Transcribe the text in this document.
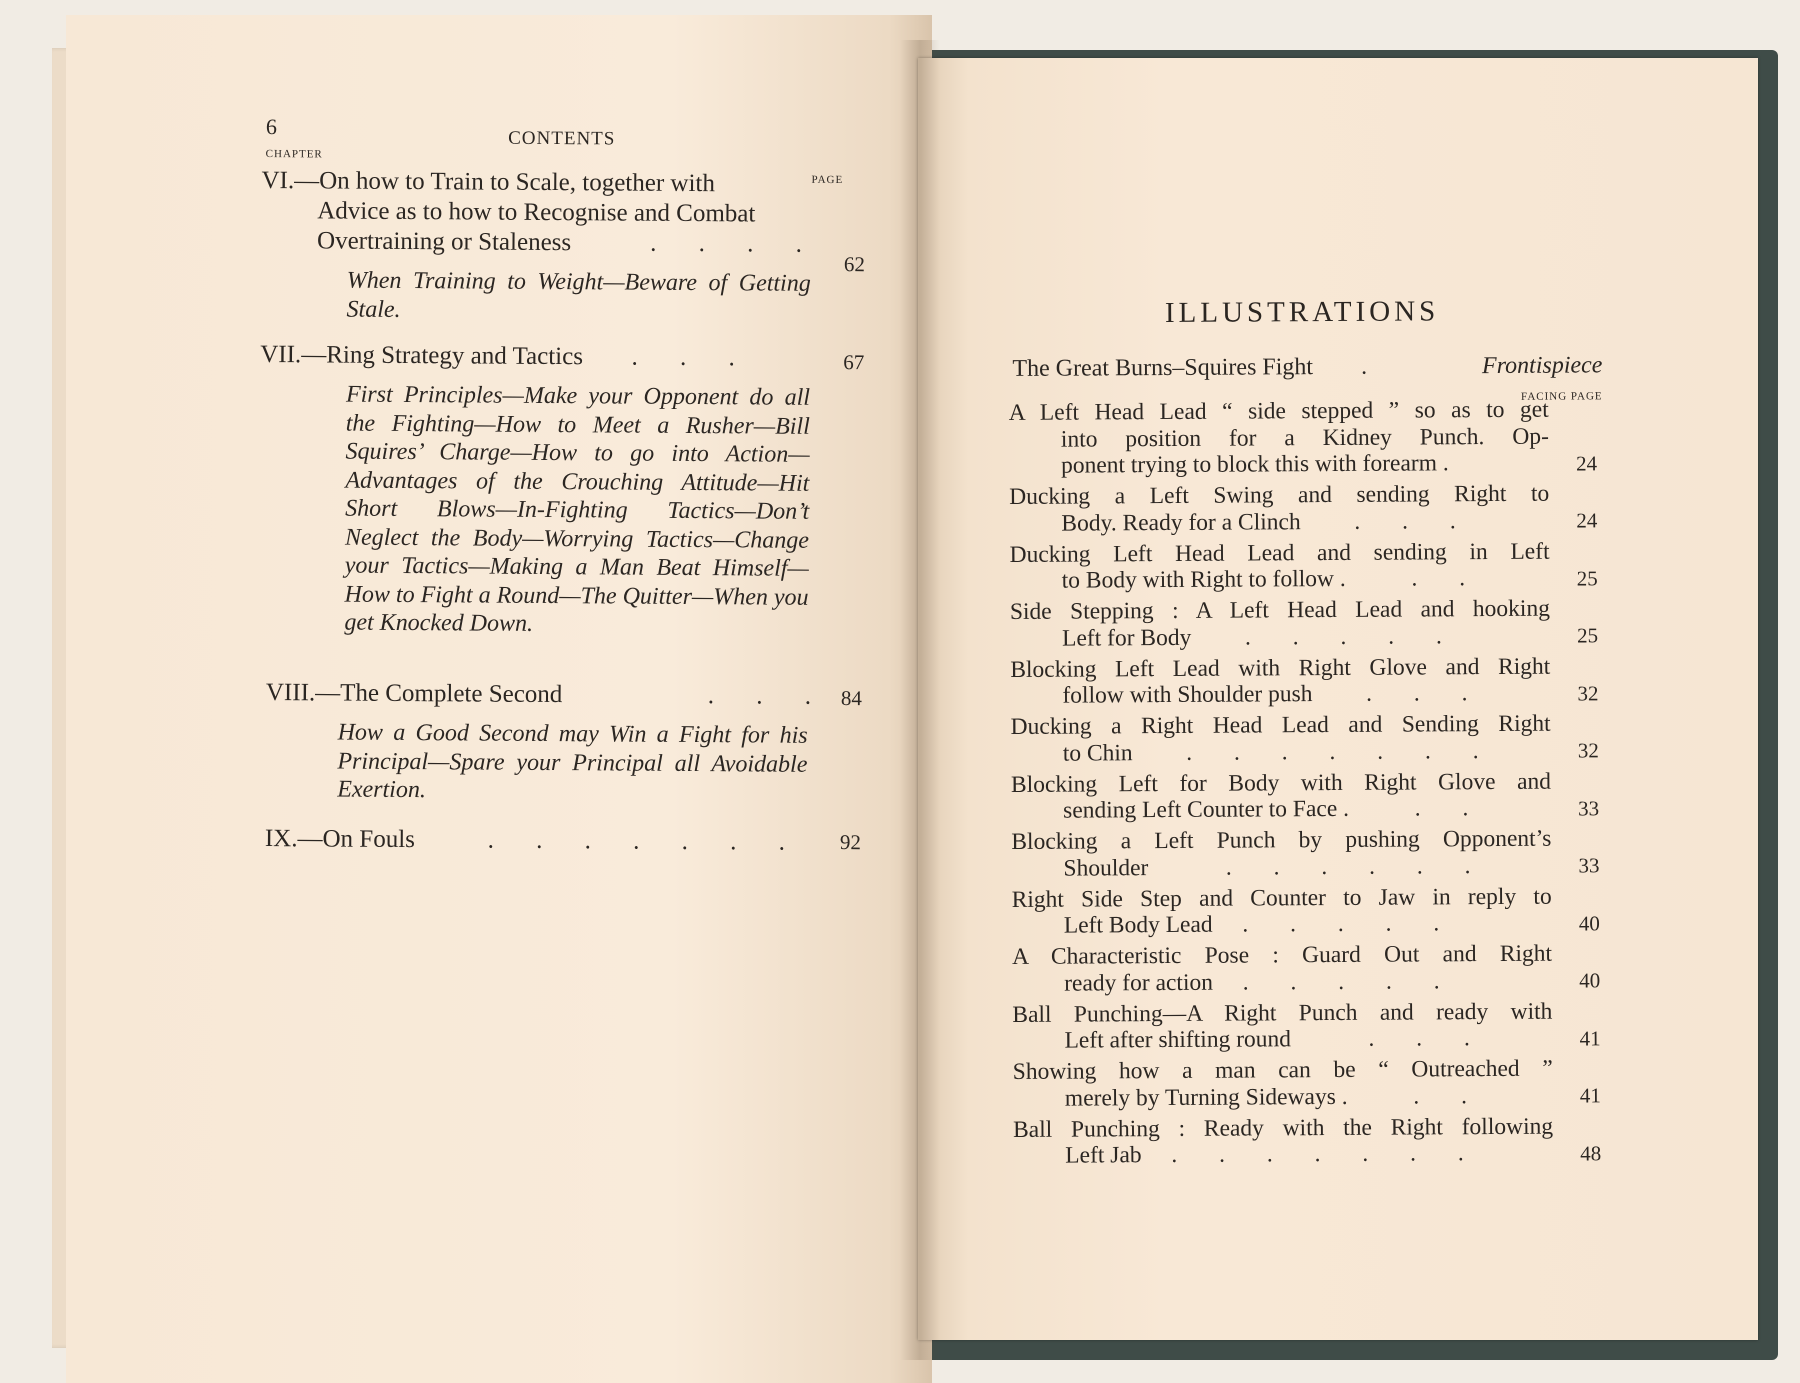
6	CONTENTS
CHAPTER
PAGE
VI.—On how to Train to Scale, together with
Advice as to how to Recognise and Combat
Overtraining or Staleness    . . . .
62
When Training to Weight—Beware of Getting Stale.
VII.—Ring Strategy and Tactics  . . .	67
First Principles—Make your Opponent do all the Fighting—How to Meet a Rusher—Bill Squires’ Charge—How to go into Action—Advantages of the Crouching Attitude—Hit Short Blows—In-Fighting Tactics—Don’t Neglect the Body—Worrying Tactics—Change your Tactics—Making a Man Beat Himself—How to Fight a Round—The Quitter—When you get Knocked Down.
VIII.—The Complete Second      . . . 84
How a Good Second may Win a Fight for his Principal—Spare your Principal all Avoidable Exertion.
IX.—On Fouls   . . . . . . .	92
ILLUSTRATIONS
The Great Burns–Squires Fight  .	Frontispiece
FACING PAGE
A Left Head Lead “ side stepped ” so as to get
into position for a Kidney Punch. Op-
ponent trying to block this with forearm .	24
Ducking a Left Swing and sending Right to
Body. Ready for a Clinch   . . .	24
Ducking Left Head Lead and sending in Left
to Body with Right to follow .  . .	25
Side Stepping : A Left Head Lead and hooking
Left for Body   . . . . .	25
Blocking Left Lead with Right Glove and Right
follow with Shoulder push   . . .	32
Ducking a Right Head Lead and Sending Right
to Chin   . . . . . . .	32
Blocking Left for Body with Right Glove and
sending Left Counter to Face .  . .	33
Blocking a Left Punch by pushing Opponent’s
Shoulder    . . . . . .	33
Right Side Step and Counter to Jaw in reply to
Left Body Lead  . . . . .	40
A Characteristic Pose : Guard Out and Right
ready for action  . . . . .	40
Ball Punching—A Right Punch and ready with
Left after shifting round    . . .	41
Showing how a man can be “ Outreached ”
merely by Turning Sideways .  . .	41
Ball Punching : Ready with the Right following
Left Jab  . . . . . . .	48
